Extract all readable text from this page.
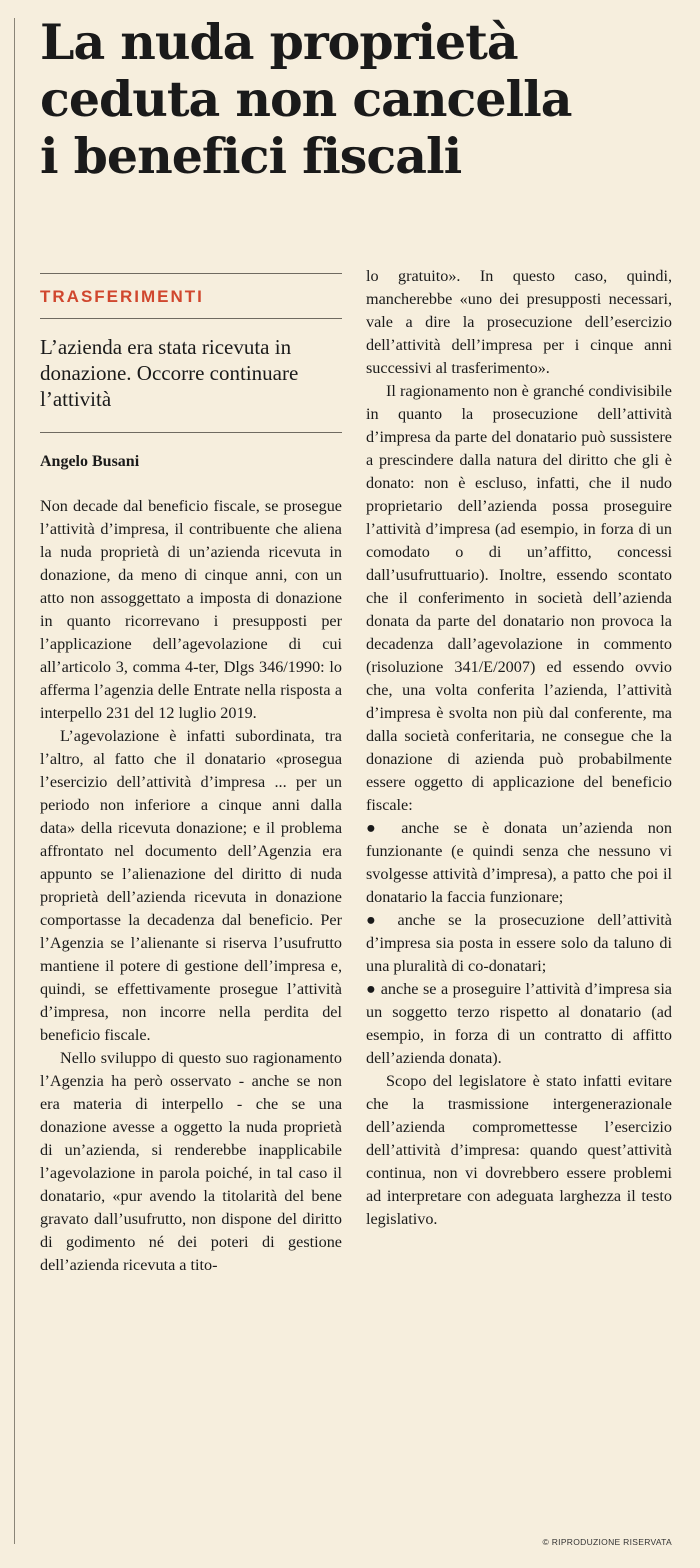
La nuda proprietà
ceduta non cancella
i benefici fiscali

TRASFERIMENTI

L’azienda era stata ricevuta in donazione. Occorre continuare l’attività

Angelo Busani

Non decade dal beneficio fiscale, se prosegue l’attività d’impresa, il contribuente che aliena la nuda proprietà di un’azienda ricevuta in donazione, da meno di cinque anni, con un atto non assoggettato a imposta di donazione in quanto ricorrevano i presupposti per l’applicazione dell’agevolazione di cui all’articolo 3, comma 4-ter, Dlgs 346/1990: lo afferma l’agenzia delle Entrate nella risposta a interpello 231 del 12 luglio 2019.

L’agevolazione è infatti subordinata, tra l’altro, al fatto che il donatario «prosegua l’esercizio dell’attività d’impresa ... per un periodo non inferiore a cinque anni dalla data» della ricevuta donazione; e il problema affrontato nel documento dell’Agenzia era appunto se l’alienazione del diritto di nuda proprietà dell’azienda ricevuta in donazione comportasse la decadenza dal beneficio. Per l’Agenzia se l’alienante si riserva l’usufrutto mantiene il potere di gestione dell’impresa e, quindi, se effettivamente prosegue l’attività d’impresa, non incorre nella perdita del beneficio fiscale.

Nello sviluppo di questo suo ragionamento l’Agenzia ha però osservato - anche se non era materia di interpello - che se una donazione avesse a oggetto la nuda proprietà di un’azienda, si renderebbe inapplicabile l’agevolazione in parola poiché, in tal caso il donatario, «pur avendo la titolarità del bene gravato dall’usufrutto, non dispone del diritto di godimento né dei poteri di gestione dell’azienda ricevuta a tito-

lo gratuito». In questo caso, quindi, mancherebbe «uno dei presupposti necessari, vale a dire la prosecuzione dell’esercizio dell’attività dell’impresa per i cinque anni successivi al trasferimento».

Il ragionamento non è granché condivisibile in quanto la prosecuzione dell’attività d’impresa da parte del donatario può sussistere a prescindere dalla natura del diritto che gli è donato: non è escluso, infatti, che il nudo proprietario dell’azienda possa proseguire l’attività d’impresa (ad esempio, in forza di un comodato o di un’affitto, concessi dall’usufruttuario). Inoltre, essendo scontato che il conferimento in società dell’azienda donata da parte del donatario non provoca la decadenza dall’agevolazione in commento (risoluzione 341/E/2007) ed essendo ovvio che, una volta conferita l’azienda, l’attività d’impresa è svolta non più dal conferente, ma dalla società conferitaria, ne consegue che la donazione di azienda può probabilmente essere oggetto di applicazione del beneficio fiscale:

● anche se è donata un’azienda non funzionante (e quindi senza che nessuno vi svolgesse attività d’impresa), a patto che poi il donatario la faccia funzionare;

● anche se la prosecuzione dell’attività d’impresa sia posta in essere solo da taluno di una pluralità di co-donatari;

● anche se a proseguire l’attività d’impresa sia un soggetto terzo rispetto al donatario (ad esempio, in forza di un contratto di affitto dell’azienda donata).

Scopo del legislatore è stato infatti evitare che la trasmissione intergenerazionale dell’azienda compromettesse l’esercizio dell’attività d’impresa: quando quest’attività continua, non vi dovrebbero essere problemi ad interpretare con adeguata larghezza il testo legislativo.

© RIPRODUZIONE RISERVATA
